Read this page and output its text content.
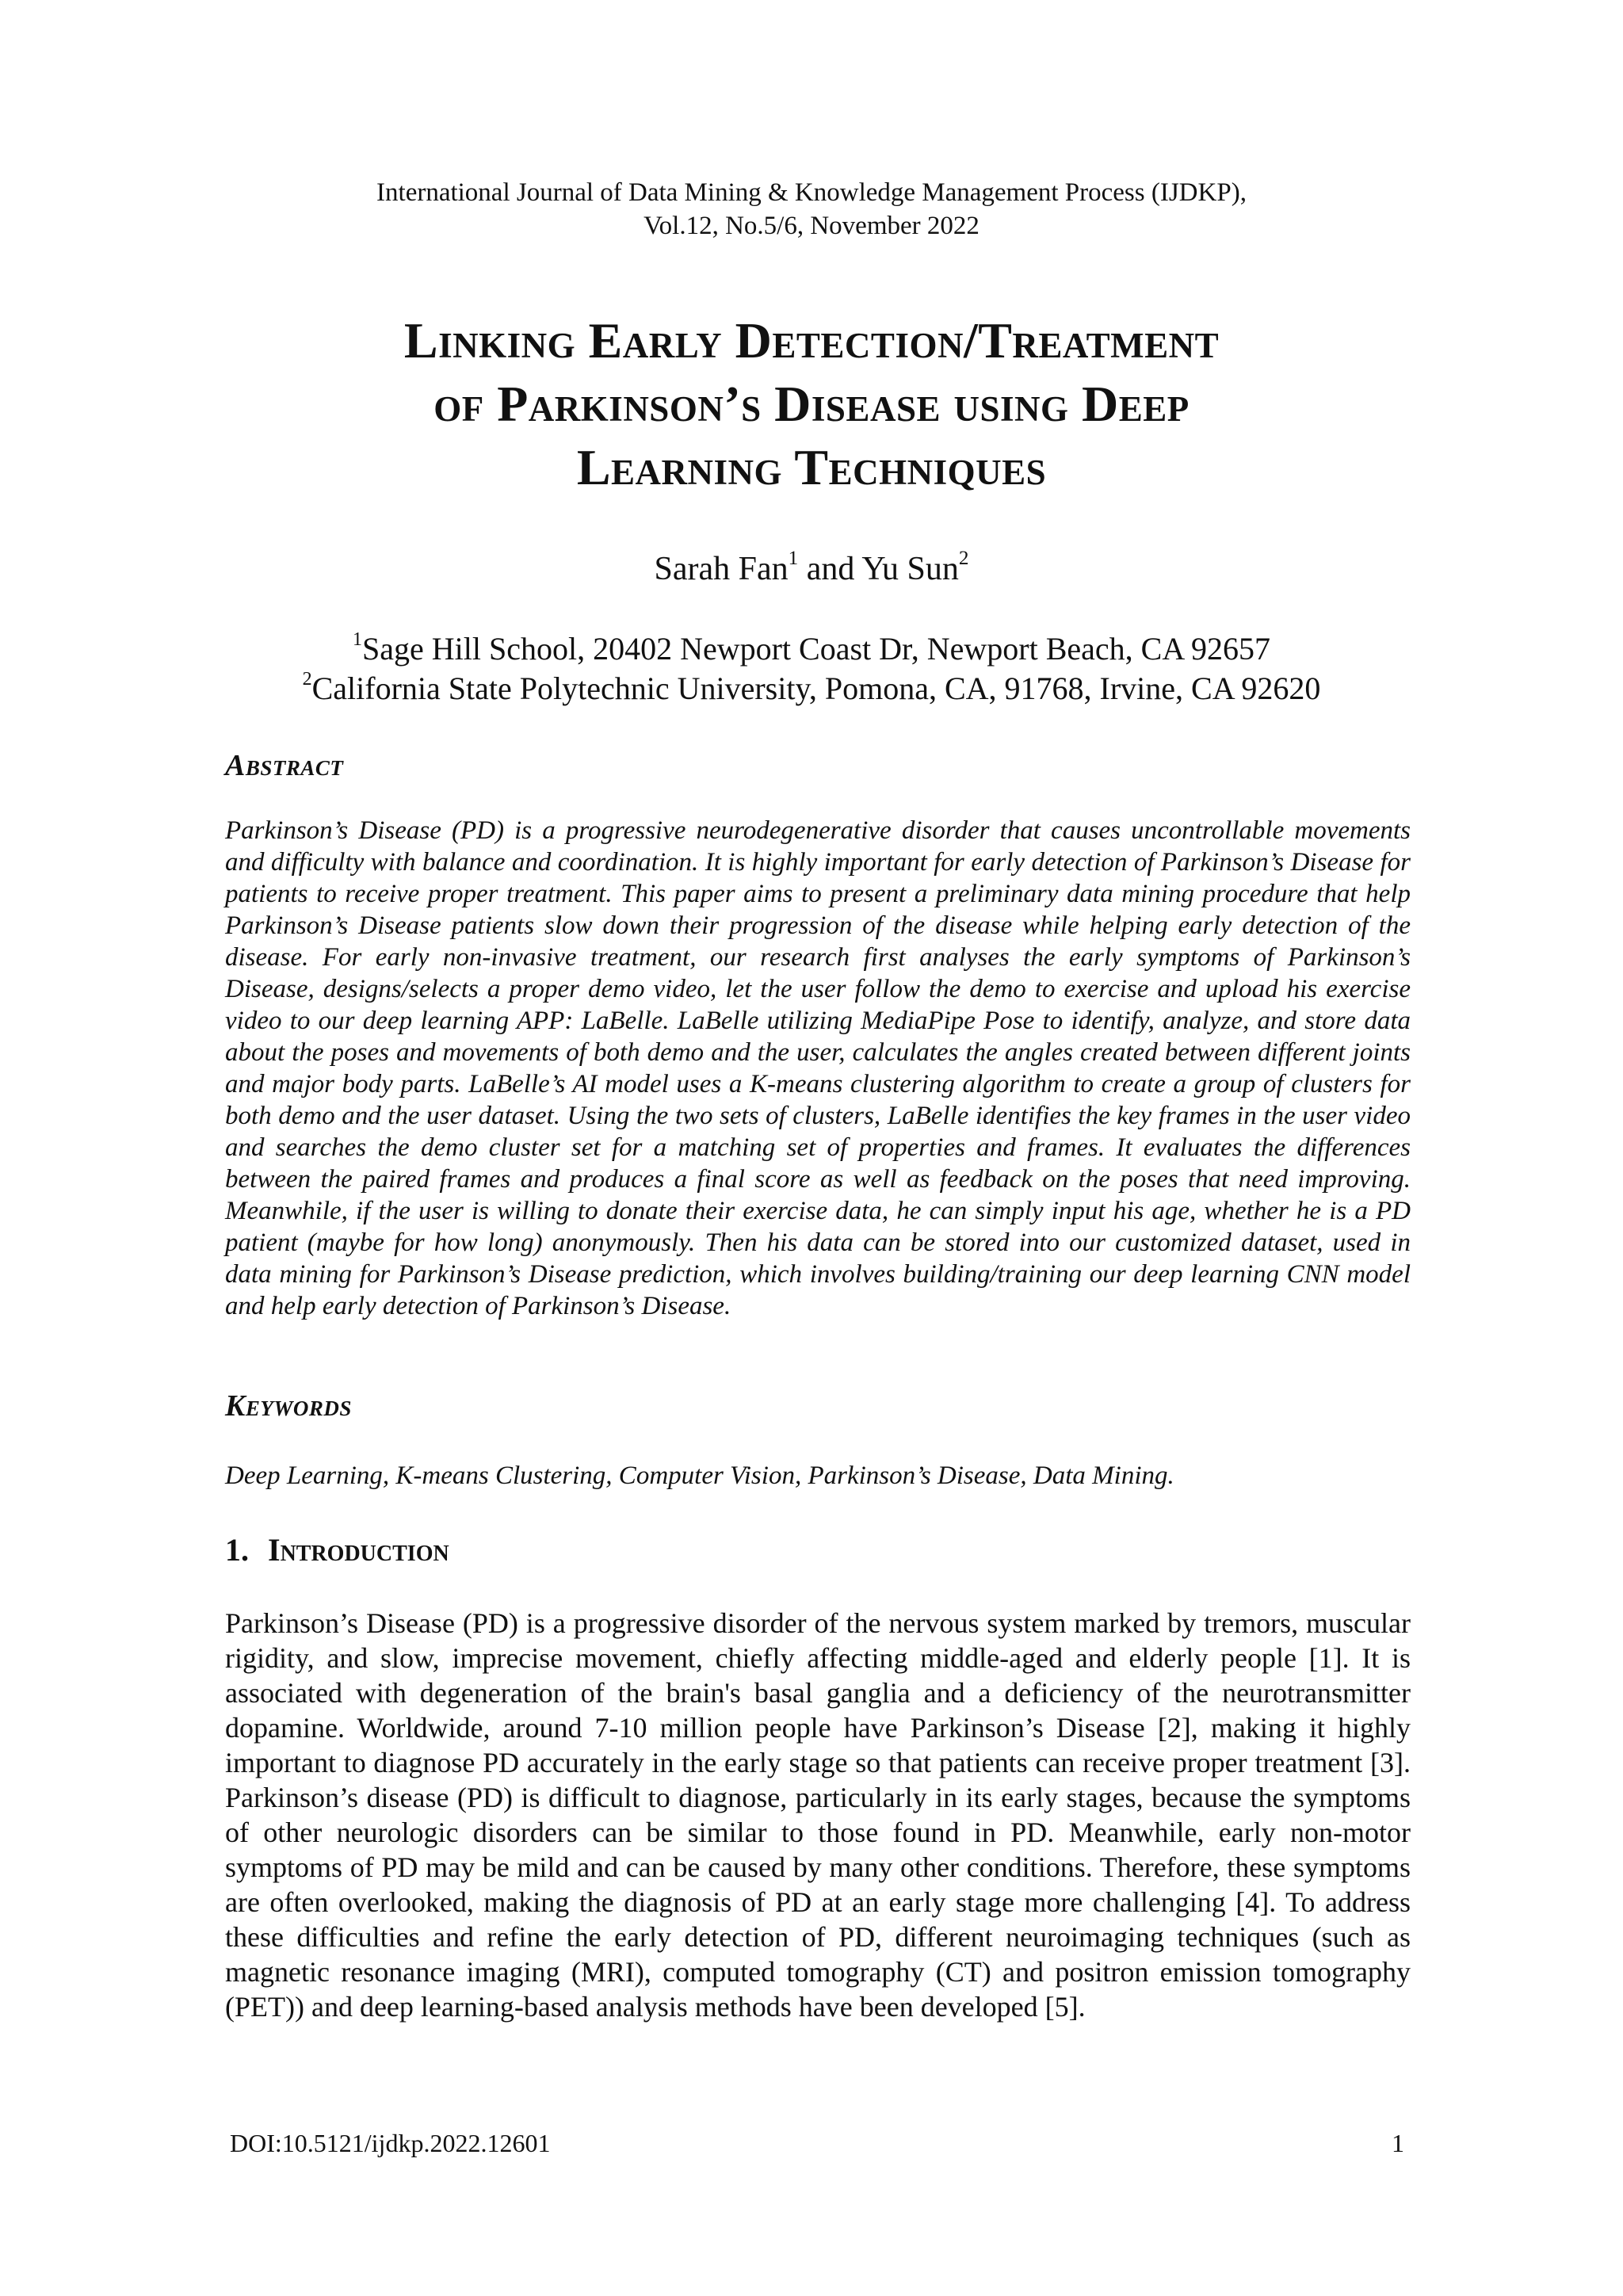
International Journal of Data Mining & Knowledge Management Process (IJDKP),
Vol.12, No.5/6, November 2022
Linking Early Detection/Treatment
of Parkinson’s Disease using Deep
Learning Techniques
Sarah Fan$^1$ and Yu Sun$^2$
$^1$Sage Hill School, 20402 Newport Coast Dr, Newport Beach, CA 92657
$^2$California State Polytechnic University, Pomona, CA, 91768, Irvine, CA 92620
Abstract
Parkinson’s Disease (PD) is a progressive neurodegenerative disorder that causes uncontrollable movements and difficulty with balance and coordination. It is highly important for early detection of Parkinson’s Disease for patients to receive proper treatment. This paper aims to present a preliminary data mining procedure that help Parkinson’s Disease patients slow down their progression of the disease while helping early detection of the disease. For early non-invasive treatment, our research first analyses the early symptoms of Parkinson’s Disease, designs/selects a proper demo video, let the user follow the demo to exercise and upload his exercise video to our deep learning APP: LaBelle. LaBelle utilizing MediaPipe Pose to identify, analyze, and store data about the poses and movements of both demo and the user, calculates the angles created between different joints and major body parts. LaBelle’s AI model uses a K-means clustering algorithm to create a group of clusters for both demo and the user dataset. Using the two sets of clusters, LaBelle identifies the key frames in the user video and searches the demo cluster set for a matching set of properties and frames. It evaluates the differences between the paired frames and produces a final score as well as feedback on the poses that need improving. Meanwhile, if the user is willing to donate their exercise data, he can simply input his age, whether he is a PD patient (maybe for how long) anonymously. Then his data can be stored into our customized dataset, used in data mining for Parkinson’s Disease prediction, which involves building/training our deep learning CNN model and help early detection of Parkinson’s Disease.
Keywords
Deep Learning, K-means Clustering, Computer Vision, Parkinson’s Disease, Data Mining.
1. Introduction
Parkinson’s Disease (PD) is a progressive disorder of the nervous system marked by tremors, muscular rigidity, and slow, imprecise movement, chiefly affecting middle-aged and elderly people [1]. It is associated with degeneration of the brain's basal ganglia and a deficiency of the neurotransmitter dopamine. Worldwide, around 7-10 million people have Parkinson’s Disease [2], making it highly important to diagnose PD accurately in the early stage so that patients can receive proper treatment [3]. Parkinson’s disease (PD) is difficult to diagnose, particularly in its early stages, because the symptoms of other neurologic disorders can be similar to those found in PD. Meanwhile, early non-motor symptoms of PD may be mild and can be caused by many other conditions. Therefore, these symptoms are often overlooked, making the diagnosis of PD at an early stage more challenging [4]. To address these difficulties and refine the early detection of PD, different neuroimaging techniques (such as magnetic resonance imaging (MRI), computed tomography (CT) and positron emission tomography (PET)) and deep learning-based analysis methods have been developed [5].
DOI:10.5121/ijdkp.2022.12601	1
